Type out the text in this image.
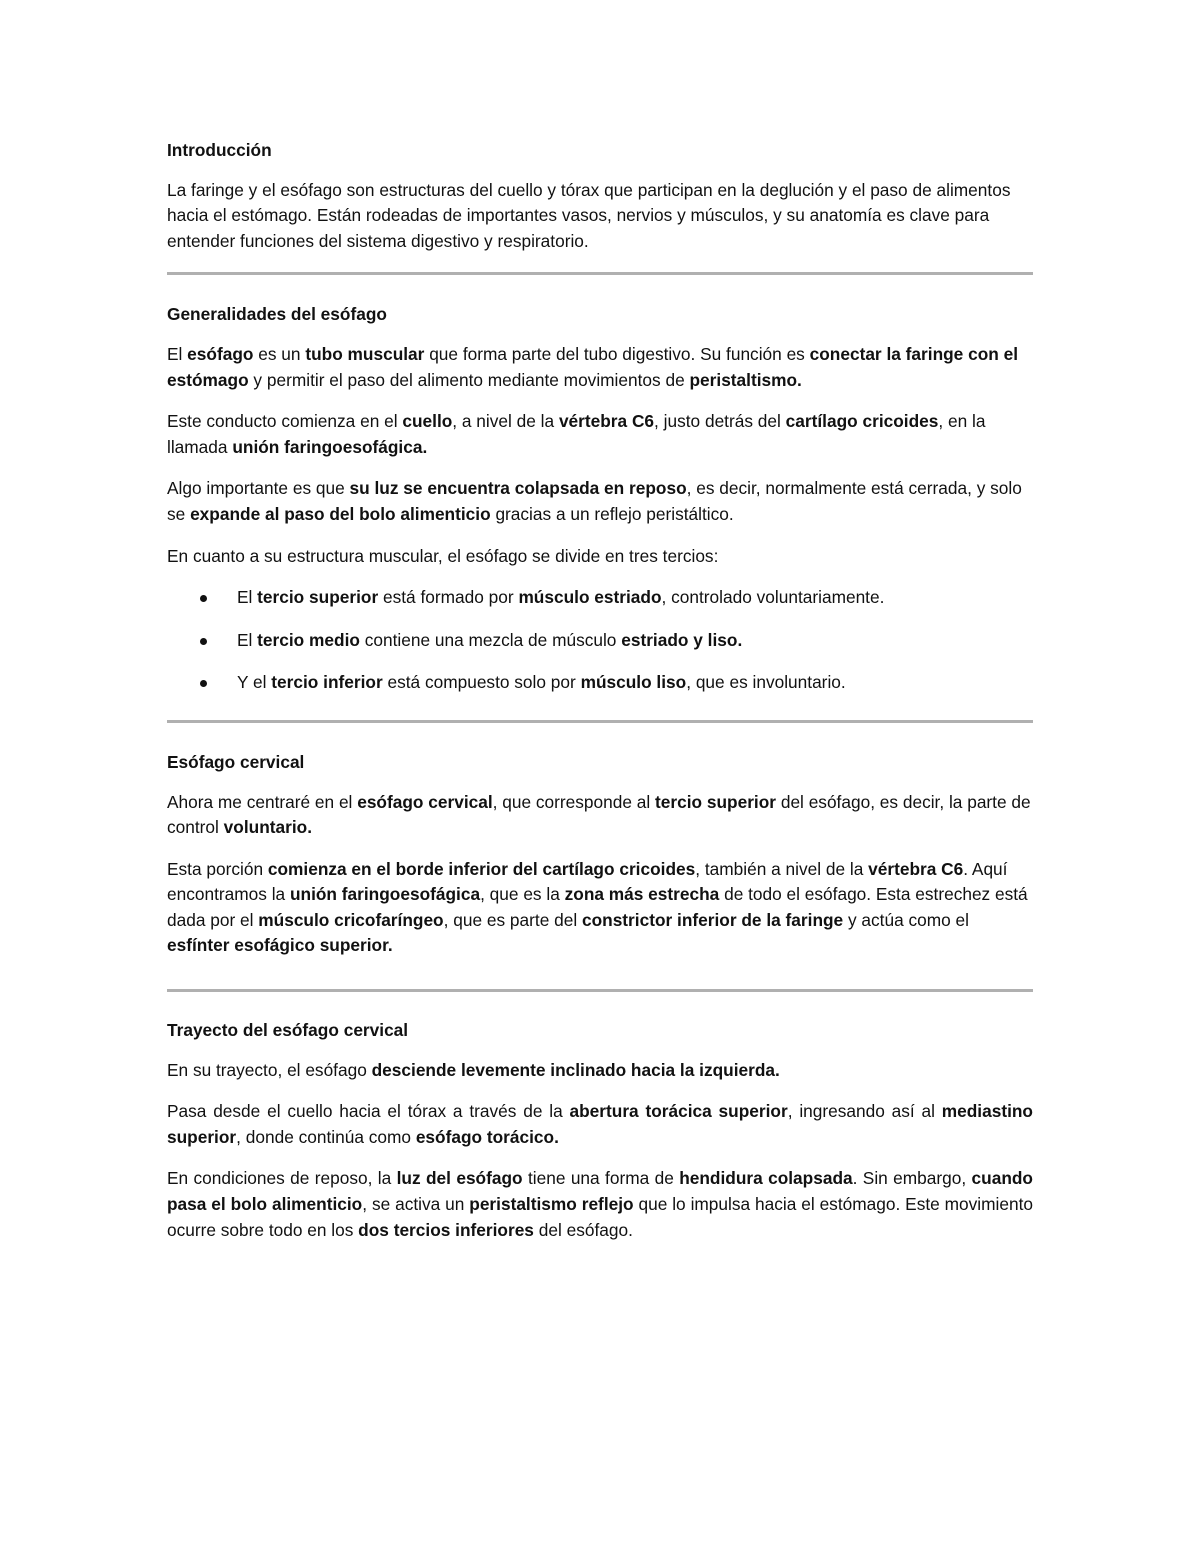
Introducción

La faringe y el esófago son estructuras del cuello y tórax que participan en la deglución y el paso de alimentos hacia el estómago. Están rodeadas de importantes vasos, nervios y músculos, y su anatomía es clave para entender funciones del sistema digestivo y respiratorio.

Generalidades del esófago

El esófago es un tubo muscular que forma parte del tubo digestivo. Su función es conectar la faringe con el estómago y permitir el paso del alimento mediante movimientos de peristaltismo.

Este conducto comienza en el cuello, a nivel de la vértebra C6, justo detrás del cartílago cricoides, en la llamada unión faringoesofágica.

Algo importante es que su luz se encuentra colapsada en reposo, es decir, normalmente está cerrada, y solo se expande al paso del bolo alimenticio gracias a un reflejo peristáltico.

En cuanto a su estructura muscular, el esófago se divide en tres tercios:

El tercio superior está formado por músculo estriado, controlado voluntariamente.
El tercio medio contiene una mezcla de músculo estriado y liso.
Y el tercio inferior está compuesto solo por músculo liso, que es involuntario.
Esófago cervical

Ahora me centraré en el esófago cervical, que corresponde al tercio superior del esófago, es decir, la parte de control voluntario.

Esta porción comienza en el borde inferior del cartílago cricoides, también a nivel de la vértebra C6. Aquí encontramos la unión faringoesofágica, que es la zona más estrecha de todo el esófago. Esta estrechez está dada por el músculo cricofaríngeo, que es parte del constrictor inferior de la faringe y actúa como el esfínter esofágico superior.

Trayecto del esófago cervical

En su trayecto, el esófago desciende levemente inclinado hacia la izquierda.

Pasa desde el cuello hacia el tórax a través de la abertura torácica superior, ingresando así al mediastino superior, donde continúa como esófago torácico.

En condiciones de reposo, la luz del esófago tiene una forma de hendidura colapsada. Sin embargo, cuando pasa el bolo alimenticio, se activa un peristaltismo reflejo que lo impulsa hacia el estómago. Este movimiento ocurre sobre todo en los dos tercios inferiores del esófago.
